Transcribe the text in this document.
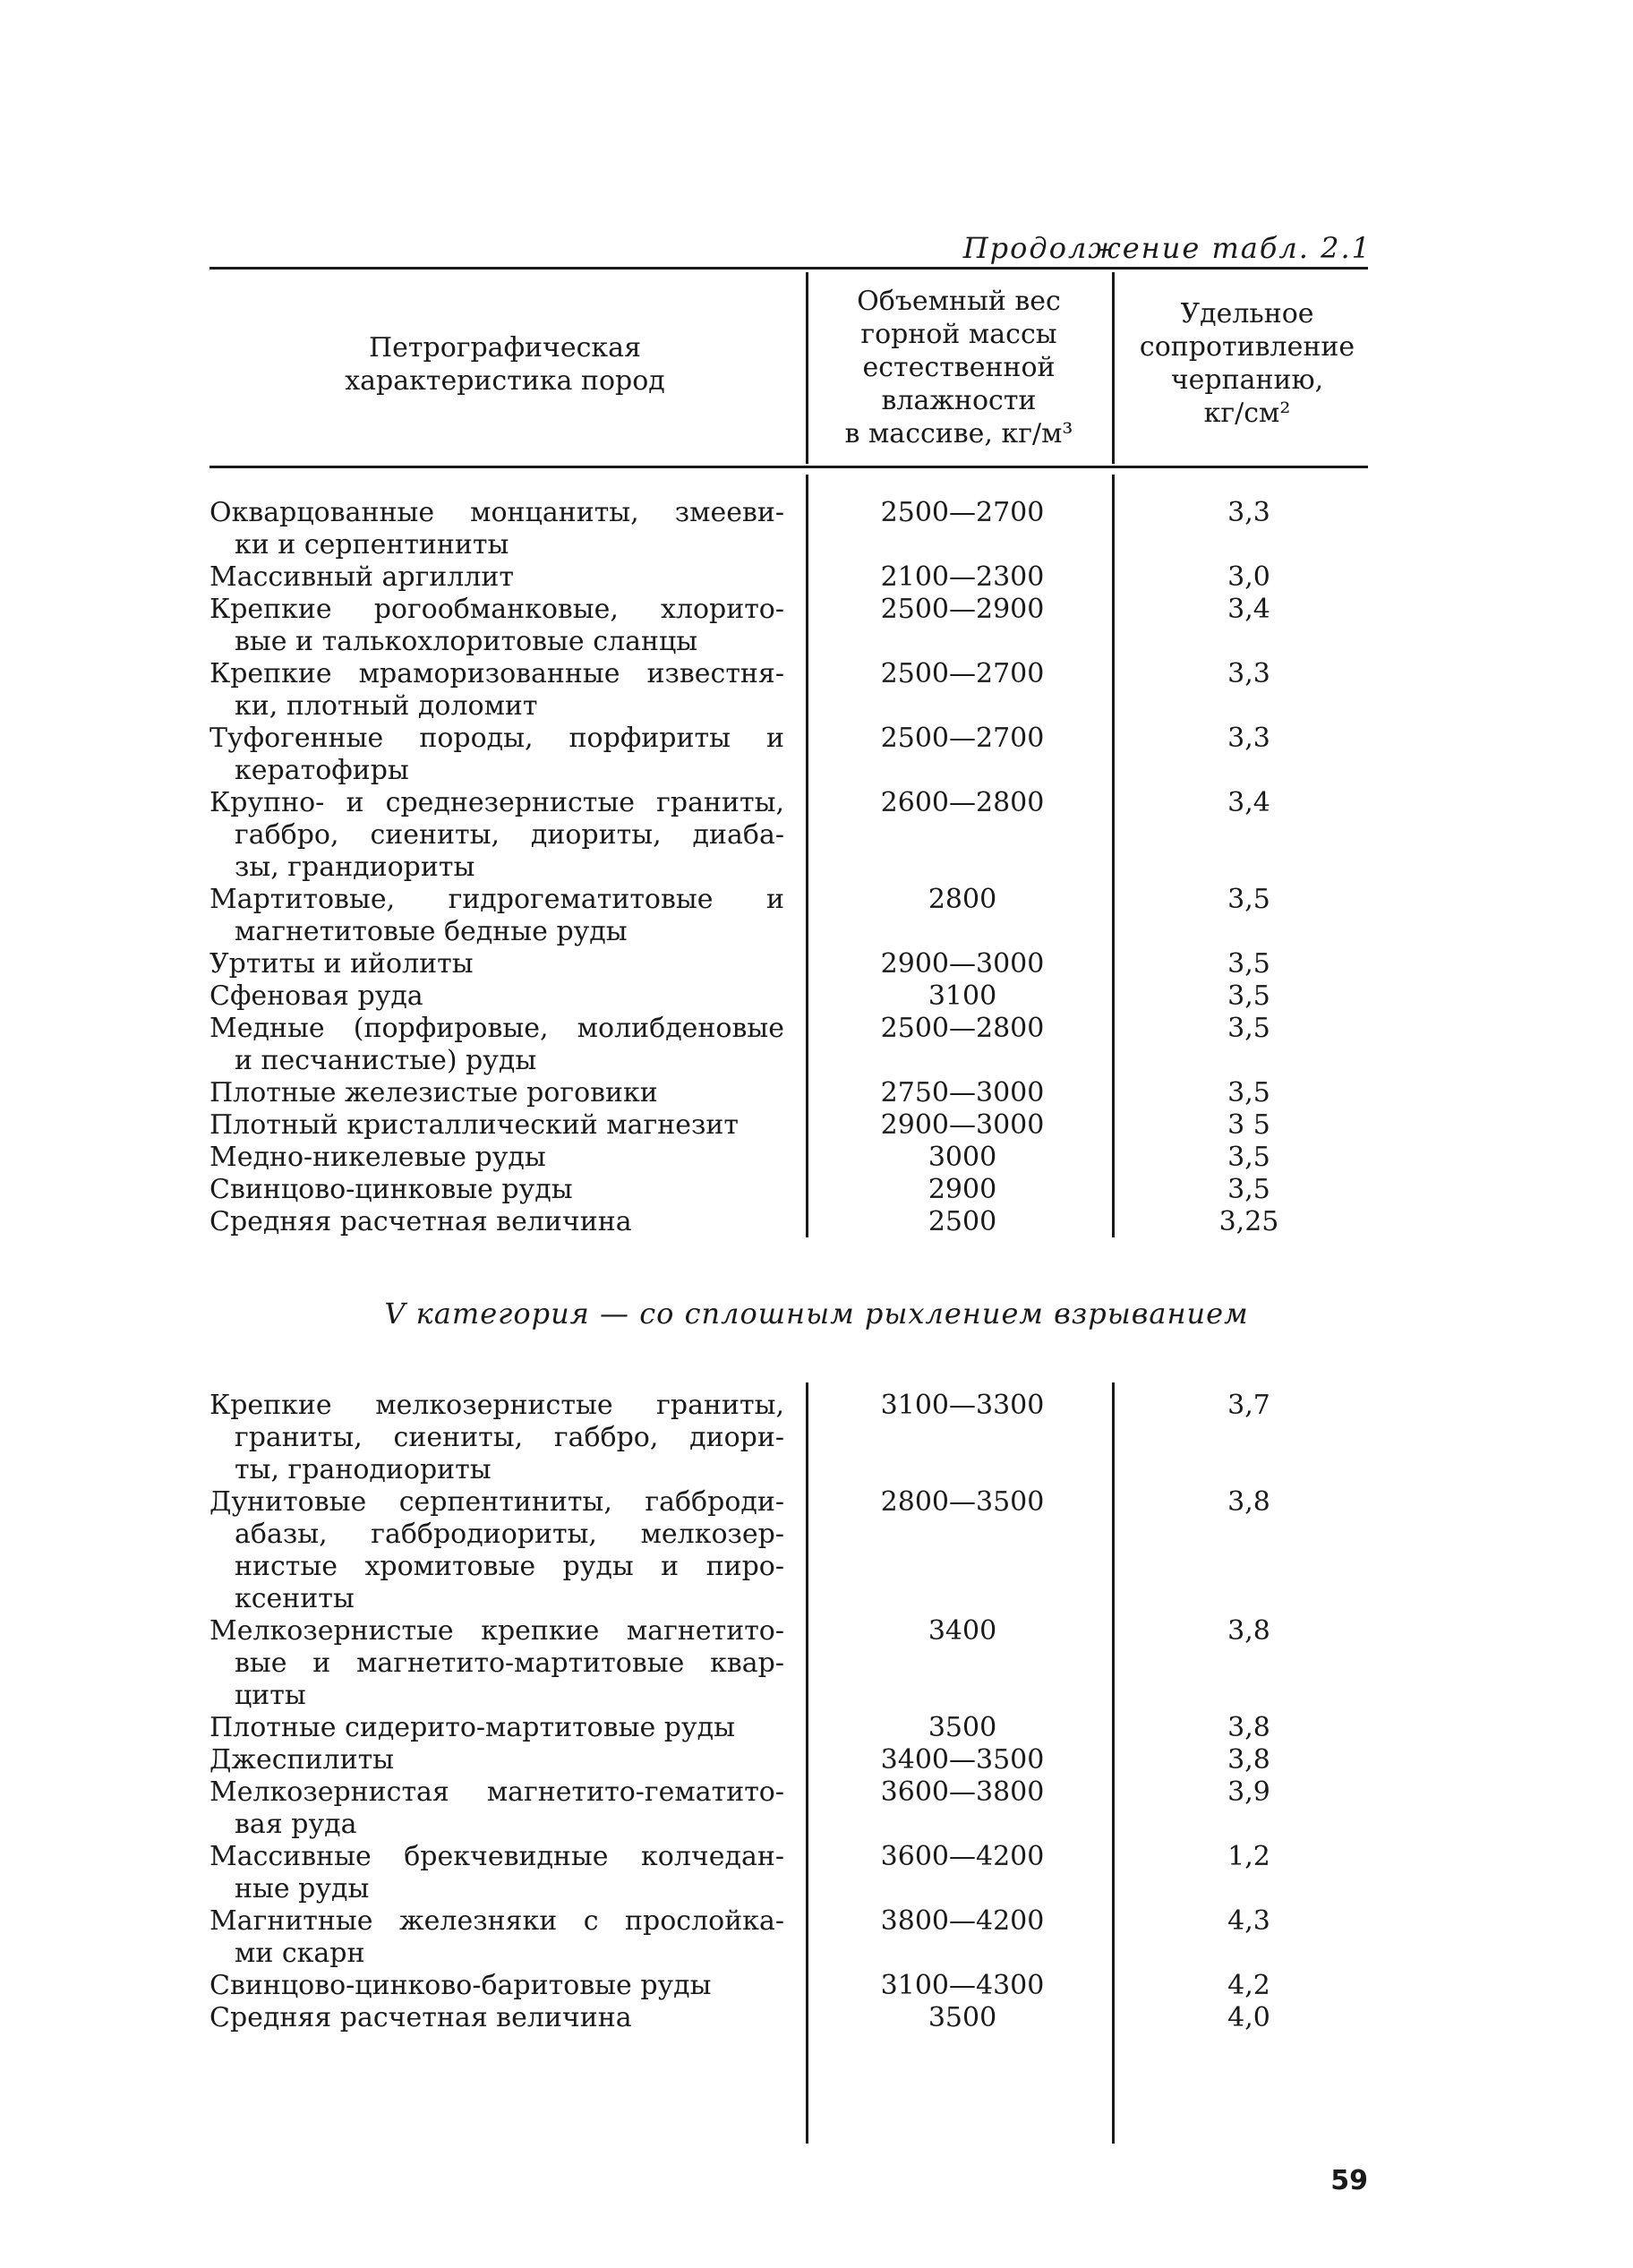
Продолжение табл. 2.1
Петрографическая
характеристика пород
Объемный вес
горной массы
естественной
влажности
в массиве, кг/м³
Удельное
сопротивление
черпанию,
кг/см²
Окварцованные монцаниты, змееви-
ки и серпентиниты
2500—2700	3,3
Массивный аргиллит	2100—2300	3,0
Крепкие рогообманковые, хлорито-
вые и талькохлоритовые сланцы
2500—2900	3,4
Крепкие мраморизованные известня-
ки, плотный доломит
2500—2700	3,3
Туфогенные породы, порфириты и
кератофиры
2500—2700	3,3
Крупно- и среднезернистые граниты,
габбро, сиениты, диориты, диаба-
зы, грандиориты
2600—2800	3,4
Мартитовые, гидрогематитовые и
магнетитовые бедные руды
2800	3,5
Уртиты и ийолиты	2900—3000	3,5
Сфеновая руда	3100	3,5
Медные (порфировые, молибденовые
и песчанистые) руды
2500—2800	3,5
Плотные железистые роговики	2750—3000	3,5
Плотный кристаллический магнезит	2900—3000	3 5
Медно-никелевые руды	3000	3,5
Свинцово-цинковые руды	2900	3,5
Средняя расчетная величина	2500	3,25
V категория — со сплошным рыхлением взрыванием
Крепкие мелкозернистые граниты,
граниты, сиениты, габбро, диори-
ты, гранодиориты
3100—3300	3,7
Дунитовые серпентиниты, габброди-
абазы, габбродиориты, мелкозер-
нистые хромитовые руды и пиро-
ксениты
2800—3500	3,8
Мелкозернистые крепкие магнетито-
вые и магнетито-мартитовые квар-
циты
3400	3,8
Плотные сидерито-мартитовые руды	3500	3,8
Джеспилиты	3400—3500	3,8
Мелкозернистая магнетито-гематито-
вая руда
3600—3800	3,9
Массивные брекчевидные колчедан-
ные руды
3600—4200	1,2
Магнитные железняки с прослойка-
ми скарн
3800—4200	4,3
Свинцово-цинково-баритовые руды	3100—4300	4,2
Средняя расчетная величина	3500	4,0
59
